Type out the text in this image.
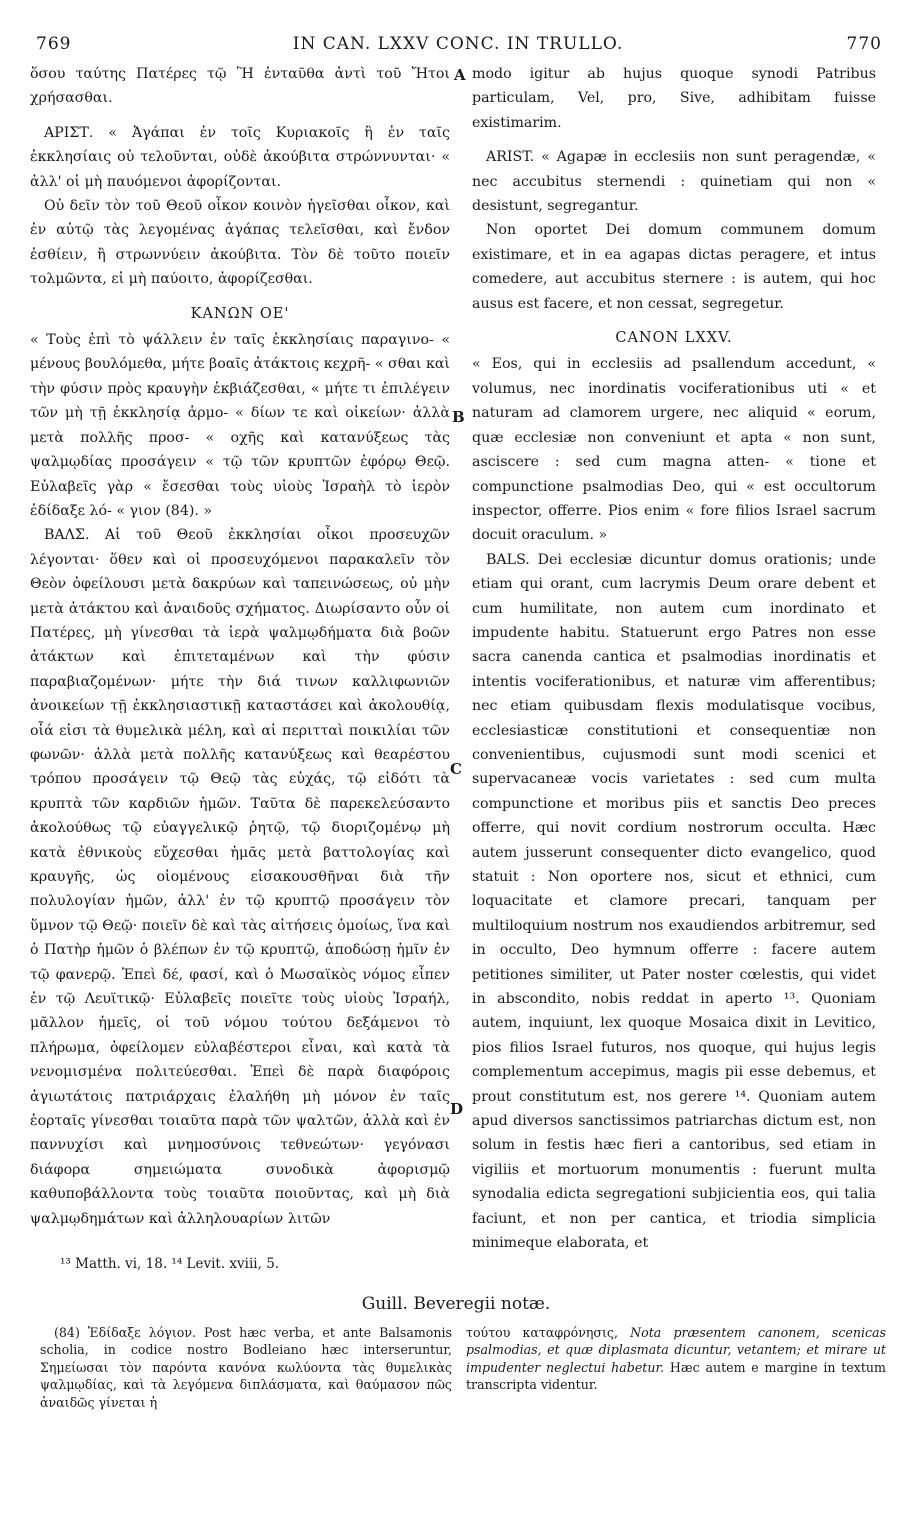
769	IN CAN. LXXV CONC. IN TRULLO.	770

ὅσου ταύτης Πατέρες τῷ Ἢ ἐνταῦθα ἀντὶ τοῦ Ἤτοι χρήσασθαι.

ΑΡΙΣΤ. « Ἀγάπαι ἐν τοῖς Κυριακοῖς ἢ ἐν ταῖς ἐκκλησίαις οὐ τελοῦνται, οὐδὲ ἀκούβιτα στρώννυνται· « ἀλλ' οἱ μὴ παυόμενοι ἀφορίζονται.

Οὐ δεῖν τὸν τοῦ Θεοῦ οἶκον κοινὸν ἡγεῖσθαι οἶκον, καὶ ἐν αὐτῷ τὰς λεγομένας ἀγάπας τελεῖσθαι, καὶ ἔνδον ἐσθίειν, ἢ στρωννύειν ἀκούβιτα. Τὸν δὲ τοῦτο ποιεῖν τολμῶντα, εἰ μὴ παύοιτο, ἀφορίζεσθαι.

ΚΑΝΩΝ ΟΕ'

« Τοὺς ἐπὶ τὸ ψάλλειν ἐν ταῖς ἐκκλησίαις παραγινο- « μένους βουλόμεθα, μήτε βοαῖς ἀτάκτοις κεχρῆ- « σθαι καὶ τὴν φύσιν πρὸς κραυγὴν ἐκβιάζεσθαι, « μήτε τι ἐπιλέγειν τῶν μὴ τῇ ἐκκλησίᾳ ἁρμο- « δίων τε καὶ οἰκείων· ἀλλὰ μετὰ πολλῆς προσ- « οχῆς καὶ κατανύξεως τὰς ψαλμῳδίας προσάγειν « τῷ τῶν κρυπτῶν ἐφόρῳ Θεῷ. Εὐλαβεῖς γὰρ « ἔσεσθαι τοὺς υἱοὺς Ἰσραὴλ τὸ ἱερὸν ἐδίδαξε λό- « γιον (84). »

ΒΑΛΣ. Αἱ τοῦ Θεοῦ ἐκκλησίαι οἶκοι προσευχῶν λέγονται· ὅθεν καὶ οἱ προσευχόμενοι παρακαλεῖν τὸν Θεὸν ὀφείλουσι μετὰ δακρύων καὶ ταπεινώσεως, οὐ μὴν μετὰ ἀτάκτου καὶ ἀναιδοῦς σχήματος. Διωρίσαντο οὖν οἱ Πατέρες, μὴ γίνεσθαι τὰ ἱερὰ ψαλμῳδήματα διὰ βοῶν ἀτάκτων καὶ ἐπιτεταμένων καὶ τὴν φύσιν παραβιαζομένων· μήτε τὴν διά τινων καλλιφωνιῶν ἀνοικείων τῇ ἐκκλησιαστικῇ καταστάσει καὶ ἀκολουθίᾳ, οἷά εἰσι τὰ θυμελικὰ μέλη, καὶ αἱ περιτταὶ ποικιλίαι τῶν φωνῶν· ἀλλὰ μετὰ πολλῆς κατανύξεως καὶ θεαρέστου τρόπου προσάγειν τῷ Θεῷ τὰς εὐχάς, τῷ εἰδότι τὰ κρυπτὰ τῶν καρδιῶν ἡμῶν. Ταῦτα δὲ παρεκελεύσαντο ἀκολούθως τῷ εὐαγγελικῷ ῥητῷ, τῷ διοριζομένῳ μὴ κατὰ ἐθνικοὺς εὔχεσθαι ἡμᾶς μετὰ βαττολογίας καὶ κραυγῆς, ὡς οἰομένους εἰσακουσθῆναι διὰ τῆν πολυλογίαν ἡμῶν, ἀλλ' ἐν τῷ κρυπτῷ προσάγειν τὸν ὕμνον τῷ Θεῷ· ποιεῖν δὲ καὶ τὰς αἰτήσεις ὁμοίως, ἵνα καὶ ὁ Πατὴρ ἡμῶν ὁ βλέπων ἐν τῷ κρυπτῷ, ἀποδώσῃ ἡμῖν ἐν τῷ φανερῷ. Ἐπεὶ δέ, φασί, καὶ ὁ Μωσαϊκὸς νόμος εἶπεν ἐν τῷ Λευϊτικῷ· Εὐλαβεῖς ποιεῖτε τοὺς υἱοὺς Ἰσραήλ, μᾶλλον ἡμεῖς, οἱ τοῦ νόμου τούτου δεξάμενοι τὸ πλήρωμα, ὀφείλομεν εὐλαβέστεροι εἶναι, καὶ κατὰ τὰ νενομισμένα πολιτεύεσθαι. Ἐπεὶ δὲ παρὰ διαφόροις ἁγιωτάτοις πατριάρχαις ἐλαλήθη μὴ μόνον ἐν ταῖς ἑορταῖς γίνεσθαι τοιαῦτα παρὰ τῶν ψαλτῶν, ἀλλὰ καὶ ἐν παννυχίσι καὶ μνημοσύνοις τεθνεώτων· γεγόνασι διάφορα σημειώματα συνοδικὰ ἀφορισμῷ καθυποβάλλοντα τοὺς τοιαῦτα ποιοῦντας, καὶ μὴ διὰ ψαλμῳδημάτων καὶ ἀλληλουαρίων λιτῶν

A
B
C
D

modo igitur ab hujus quoque synodi Patribus particulam, Vel, pro, Sive, adhibitam fuisse existimarim.

ARIST. « Agapæ in ecclesiis non sunt peragendæ, « nec accubitus sternendi : quinetiam qui non « desistunt, segregantur.

Non oportet Dei domum communem domum existimare, et in ea agapas dictas peragere, et intus comedere, aut accubitus sternere : is autem, qui hoc ausus est facere, et non cessat, segregetur.

CANON LXXV.

« Eos, qui in ecclesiis ad psallendum accedunt, « volumus, nec inordinatis vociferationibus uti « et naturam ad clamorem urgere, nec aliquid « eorum, quæ ecclesiæ non conveniunt et apta « non sunt, asciscere : sed cum magna atten- « tione et compunctione psalmodias Deo, qui « est occultorum inspector, offerre. Pios enim « fore filios Israel sacrum docuit oraculum. »

BALS. Dei ecclesiæ dicuntur domus orationis; unde etiam qui orant, cum lacrymis Deum orare debent et cum humilitate, non autem cum inordinato et impudente habitu. Statuerunt ergo Patres non esse sacra canenda cantica et psalmodias inordinatis et intentis vociferationibus, et naturæ vim afferentibus; nec etiam quibusdam flexis modulatisque vocibus, ecclesiasticæ constitutioni et consequentiæ non convenientibus, cujusmodi sunt modi scenici et supervacaneæ vocis varietates : sed cum multa compunctione et moribus piis et sanctis Deo preces offerre, qui novit cordium nostrorum occulta. Hæc autem jusserunt consequenter dicto evangelico, quod statuit : Non oportere nos, sicut et ethnici, cum loquacitate et clamore precari, tanquam per multiloquium nostrum nos exaudiendos arbitremur, sed in occulto, Deo hymnum offerre : facere autem petitiones similiter, ut Pater noster cœlestis, qui videt in abscondito, nobis reddat in aperto ¹³. Quoniam autem, inquiunt, lex quoque Mosaica dixit in Levitico, pios filios Israel futuros, nos quoque, qui hujus legis complementum accepimus, magis pii esse debemus, et prout constitutum est, nos gerere ¹⁴. Quoniam autem apud diversos sanctissimos patriarchas dictum est, non solum in festis hæc fieri a cantoribus, sed etiam in vigiliis et mortuorum monumentis : fuerunt multa synodalia edicta segregationi subjicientia eos, qui talia faciunt, et non per cantica, et triodia simplicia minimeque elaborata, et

¹³ Matth. vi, 18. ¹⁴ Levit. xviii, 5.
Guill. Beveregii notæ.

(84) Ἐδίδαξε λόγιον. Post hæc verba, et ante Balsamonis scholia, in codice nostro Bodleiano hæc interseruntur, Σημείωσαι τὸν παρόντα κανόνα κωλύοντα τὰς θυμελικὰς ψαλμῳδίας, καὶ τὰ λεγόμενα διπλάσματα, καὶ θαύμασον πῶς ἀναιδῶς γίνεται ἡ

τούτου καταφρόνησις, Nota præsentem canonem, scenicas psalmodias, et quæ diplasmata dicuntur, vetantem; et mirare ut impudenter neglectui habetur. Hæc autem e margine in textum transcripta videntur.
